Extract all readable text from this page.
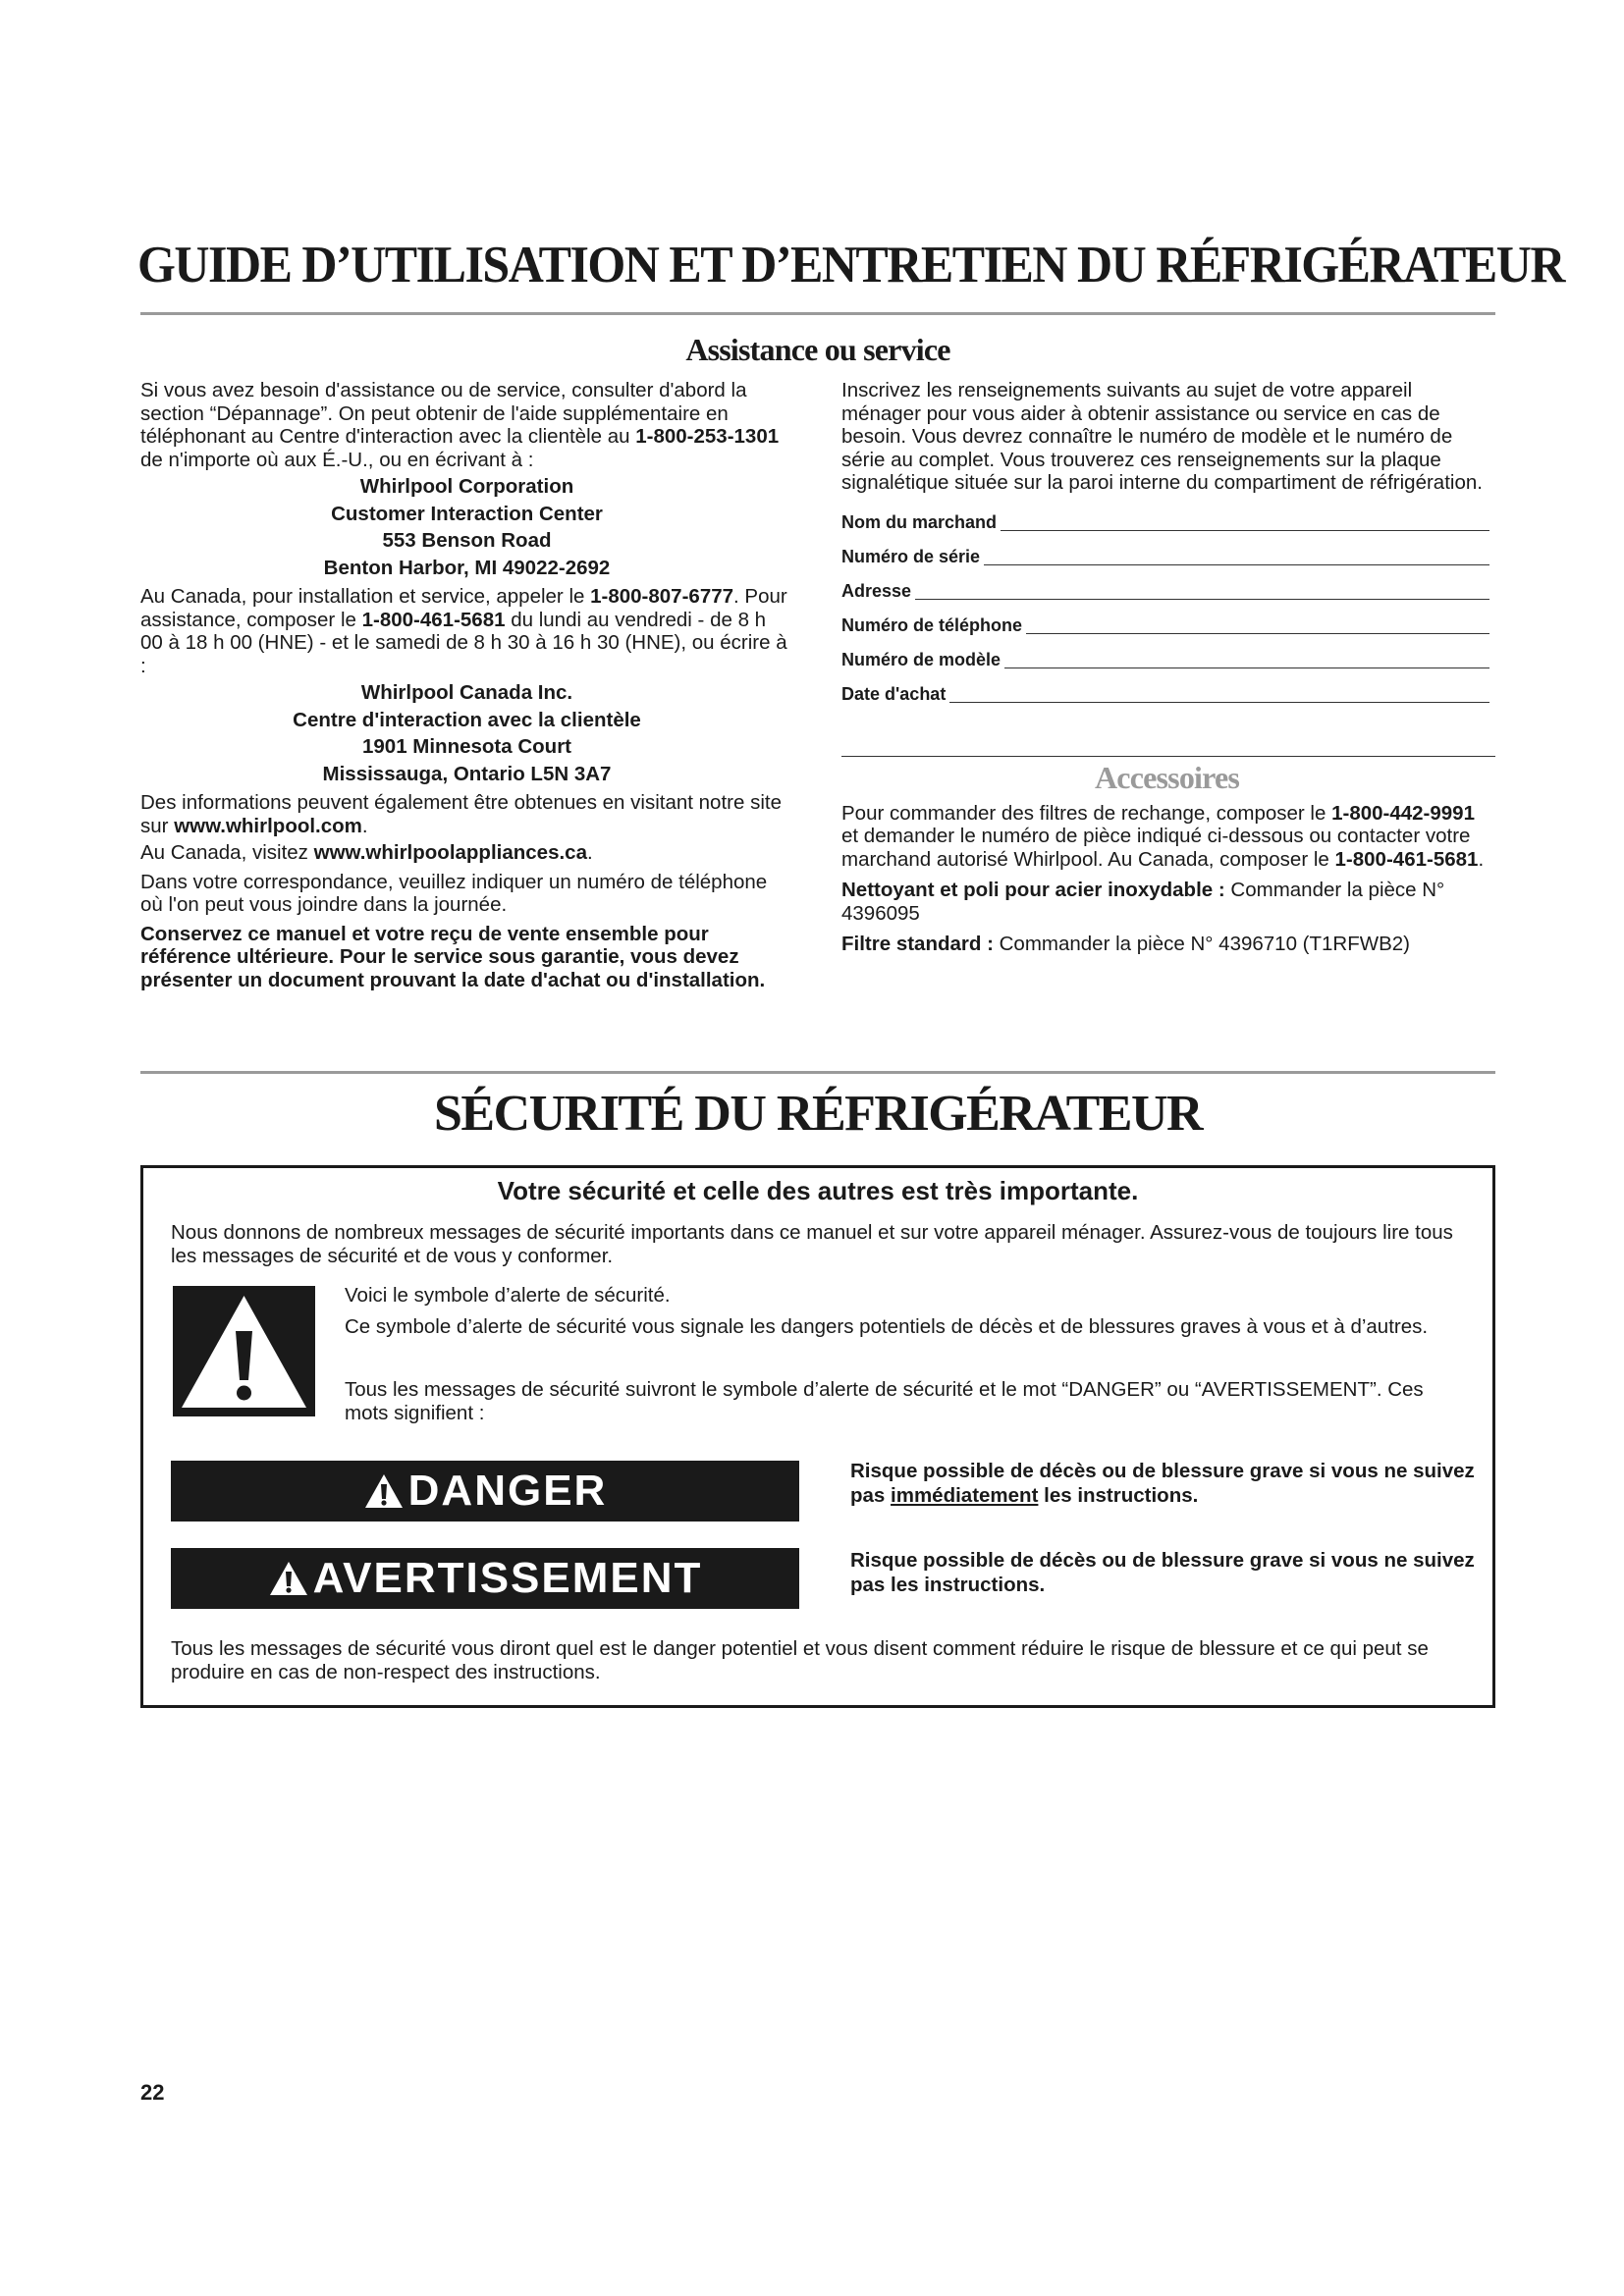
GUIDE D’UTILISATION ET D’ENTRETIEN DU RÉFRIGÉRATEUR
Assistance ou service

Si vous avez besoin d'assistance ou de service, consulter d'abord la section “Dépannage”. On peut obtenir de l'aide supplémentaire en téléphonant au Centre d'interaction avec la clientèle au 1-800-253-1301 de n'importe où aux É.-U., ou en écrivant à :

Whirlpool Corporation

Customer Interaction Center

553 Benson Road

Benton Harbor, MI 49022-2692

Au Canada, pour installation et service, appeler le 1-800-807-6777. Pour assistance, composer le 1-800-461-5681 du lundi au vendredi - de 8 h 00 à 18 h 00 (HNE) - et le samedi de 8 h 30 à 16 h 30 (HNE), ou écrire à :

Whirlpool Canada Inc.

Centre d'interaction avec la clientèle

1901 Minnesota Court

Mississauga, Ontario L5N 3A7

Des informations peuvent également être obtenues en visitant notre site sur www.whirlpool.com.

Au Canada, visitez www.whirlpoolappliances.ca.

Dans votre correspondance, veuillez indiquer un numéro de téléphone où l'on peut vous joindre dans la journée.

Conservez ce manuel et votre reçu de vente ensemble pour référence ultérieure. Pour le service sous garantie, vous devez présenter un document prouvant la date d'achat ou d'installation.

Inscrivez les renseignements suivants au sujet de votre appareil ménager pour vous aider à obtenir assistance ou service en cas de besoin. Vous devrez connaître le numéro de modèle et le numéro de série au complet. Vous trouverez ces renseignements sur la plaque signalétique située sur la paroi interne du compartiment de réfrigération.

Nom du marchand
Numéro de série
Adresse
Numéro de téléphone
Numéro de modèle
Date d'achat
Accessoires

Pour commander des filtres de rechange, composer le 1-800-442-9991 et demander le numéro de pièce indiqué ci-dessous ou contacter votre marchand autorisé Whirlpool. Au Canada, composer le 1-800-461-5681.

Nettoyant et poli pour acier inoxydable : Commander la pièce N° 4396095

Filtre standard : Commander la pièce N° 4396710 (T1RFWB2)

SÉCURITÉ DU RÉFRIGÉRATEUR
Votre sécurité et celle des autres est très importante.
Nous donnons de nombreux messages de sécurité importants dans ce manuel et sur votre appareil ménager. Assurez-vous de toujours lire tous les messages de sécurité et de vous y conformer.
Voici le symbole d’alerte de sécurité.
Ce symbole d’alerte de sécurité vous signale les dangers potentiels de décès et de blessures graves à vous et à d’autres.
Tous les messages de sécurité suivront le symbole d’alerte de sécurité et le mot “DANGER” ou “AVERTISSEMENT”. Ces mots signifient :
DANGER	Risque possible de décès ou de blessure grave si vous ne suivez pas immédiatement les instructions.
AVERTISSEMENT	Risque possible de décès ou de blessure grave si vous ne suivez pas les instructions.
Tous les messages de sécurité vous diront quel est le danger potentiel et vous disent comment réduire le risque de blessure et ce qui peut se produire en cas de non-respect des instructions.
22
